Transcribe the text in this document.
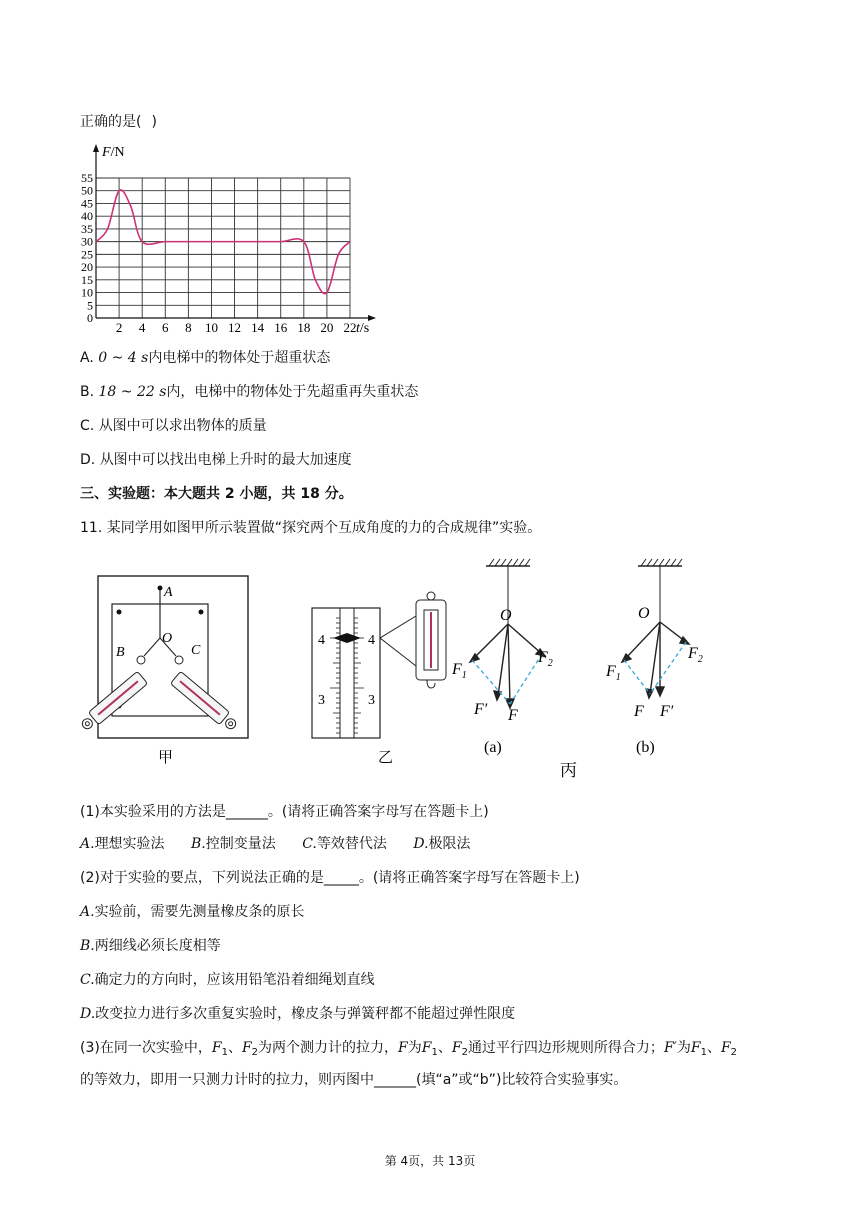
正确的是( )
2 4 6 8 10 12 14 16 18 20 22
5
10
15
20
25
30
35
40
45
50
55
0
F/N
t/s
A. 0 ~ 4 s内电梯中的物体处于超重状态
B. 18 ~ 22 s内，电梯中的物体处于先超重再失重状态
C. 从图中可以求出物体的质量
D. 从图中可以找出电梯上升时的最大加速度
三、实验题：本大题共 2 小题，共 18 分。
11. 某同学用如图甲所示装置做“探究两个互成角度的力的合成规律”实验。
A
O
B	C
甲
4	4
3	3
乙
O
$F_1$
$F_2$
F′ F
(a)
O
$F_1$
$F_2$
F F′
(b)
丙
(1)本实验采用的方法是______。(请将正确答案字母写在答题卡上)
A.理想实验法 B.控制变量法 C.等效替代法 D.极限法
(2)对于实验的要点，下列说法正确的是_____。(请将正确答案字母写在答题卡上)
A.实验前，需要先测量橡皮条的原长
B.两细线必须长度相等
C.确定力的方向时，应该用铅笔沿着细绳划直线
D.改变拉力进行多次重复实验时，橡皮条与弹簧秤都不能超过弹性限度
(3)在同一次实验中，$F_1$、$F_2$为两个测力计的拉力，F为$F_1$、$F_2$通过平行四边形规则所得合力；F′为$F_1$、$F_2$
的等效力，即用一只测力计时的拉力，则丙图中______(填“a”或“b”)比较符合实验事实。
第 4页，共 13页
